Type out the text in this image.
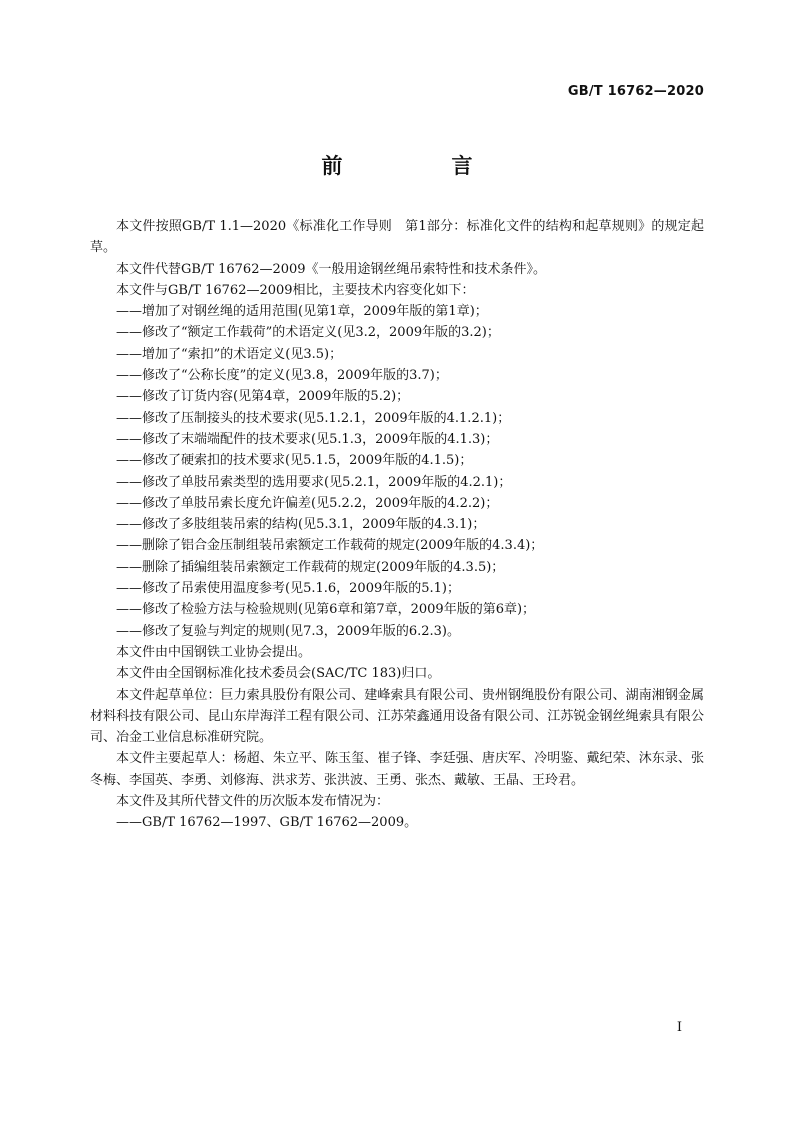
GB/T 16762—2020
前　言

本文件按照GB/T 1.1—2020《标准化工作导则　第1部分：标准化文件的结构和起草规则》的规定起草。

本文件代替GB/T 16762—2009《一般用途钢丝绳吊索特性和技术条件》。

本文件与GB/T 16762—2009相比，主要技术内容变化如下：

——增加了对钢丝绳的适用范围(见第1章，2009年版的第1章)；

——修改了“额定工作载荷”的术语定义(见3.2，2009年版的3.2)；

——增加了“索扣”的术语定义(见3.5)；

——修改了“公称长度”的定义(见3.8，2009年版的3.7)；

——修改了订货内容(见第4章，2009年版的5.2)；

——修改了压制接头的技术要求(见5.1.2.1，2009年版的4.1.2.1)；

——修改了末端端配件的技术要求(见5.1.3，2009年版的4.1.3)；

——修改了硬索扣的技术要求(见5.1.5，2009年版的4.1.5)；

——修改了单肢吊索类型的选用要求(见5.2.1，2009年版的4.2.1)；

——修改了单肢吊索长度允许偏差(见5.2.2，2009年版的4.2.2)；

——修改了多肢组装吊索的结构(见5.3.1，2009年版的4.3.1)；

——删除了铝合金压制组装吊索额定工作载荷的规定(2009年版的4.3.4)；

——删除了插编组装吊索额定工作载荷的规定(2009年版的4.3.5)；

——修改了吊索使用温度参考(见5.1.6，2009年版的5.1)；

——修改了检验方法与检验规则(见第6章和第7章，2009年版的第6章)；

——修改了复验与判定的规则(见7.3，2009年版的6.2.3)。

本文件由中国钢铁工业协会提出。

本文件由全国钢标准化技术委员会(SAC/TC 183)归口。

本文件起草单位：巨力索具股份有限公司、建峰索具有限公司、贵州钢绳股份有限公司、湖南湘钢金属材料科技有限公司、昆山东岸海洋工程有限公司、江苏荣鑫通用设备有限公司、江苏锐金钢丝绳索具有限公司、冶金工业信息标准研究院。

本文件主要起草人：杨超、朱立平、陈玉玺、崔子锋、李廷强、唐庆军、冷明鉴、戴纪荣、沐东录、张冬梅、李国英、李勇、刘修海、洪求芳、张洪波、王勇、张杰、戴敏、王晶、王玲君。

本文件及其所代替文件的历次版本发布情况为：

——GB/T 16762—1997、GB/T 16762—2009。

I
